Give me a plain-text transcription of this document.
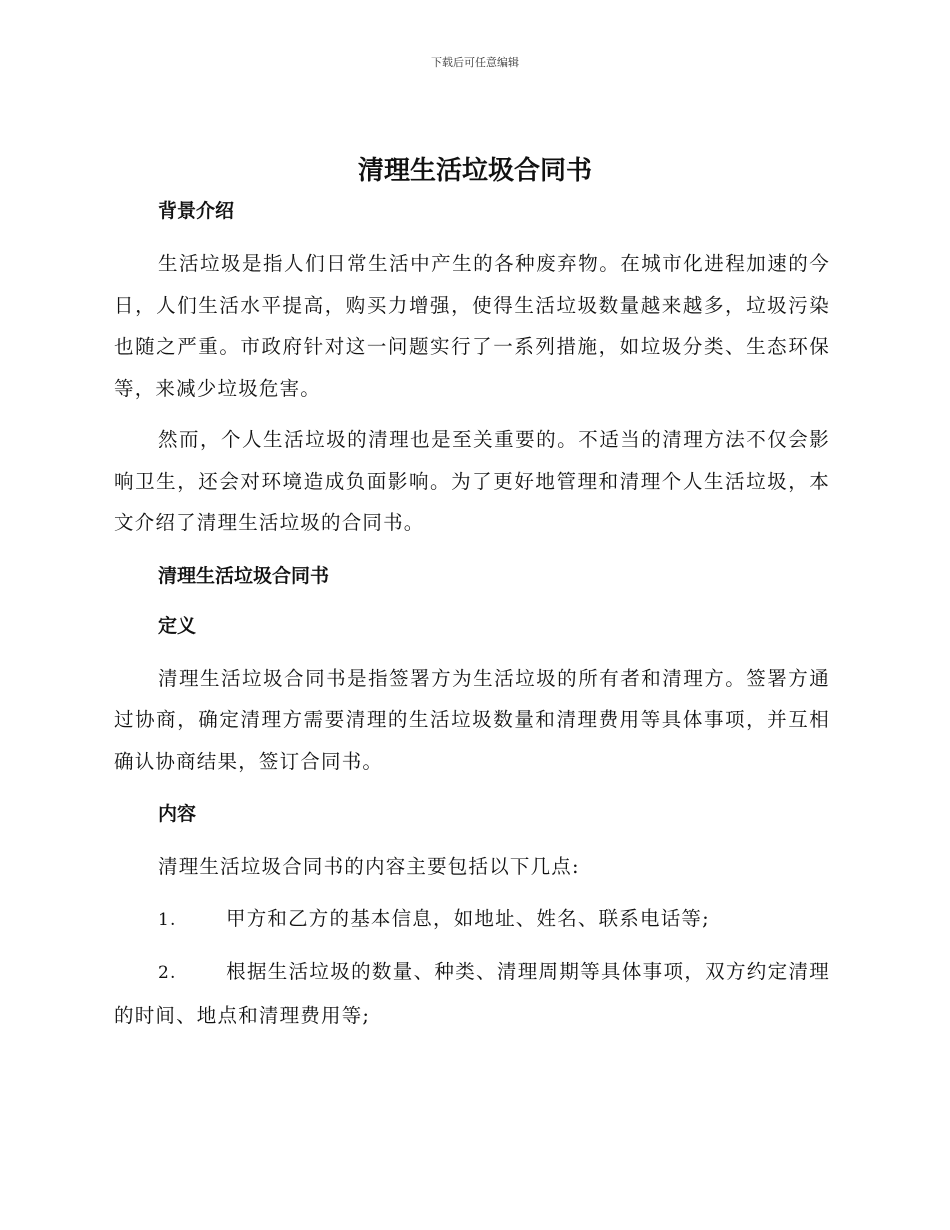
下载后可任意编辑
清理生活垃圾合同书

背景介绍

生活垃圾是指人们日常生活中产生的各种废弃物。在城市化进程加速的今日，人们生活水平提高，购买力增强，使得生活垃圾数量越来越多，垃圾污染也随之严重。市政府针对这一问题实行了一系列措施，如垃圾分类、生态环保等，来减少垃圾危害。

然而，个人生活垃圾的清理也是至关重要的。不适当的清理方法不仅会影响卫生，还会对环境造成负面影响。为了更好地管理和清理个人生活垃圾，本文介绍了清理生活垃圾的合同书。

清理生活垃圾合同书

定义

清理生活垃圾合同书是指签署方为生活垃圾的所有者和清理方。签署方通过协商，确定清理方需要清理的生活垃圾数量和清理费用等具体事项，并互相确认协商结果，签订合同书。

内容

清理生活垃圾合同书的内容主要包括以下几点:

1.	甲方和乙方的基本信息，如地址、姓名、联系电话等;

2.	根据生活垃圾的数量、种类、清理周期等具体事项，双方约定清理的时间、地点和清理费用等;
